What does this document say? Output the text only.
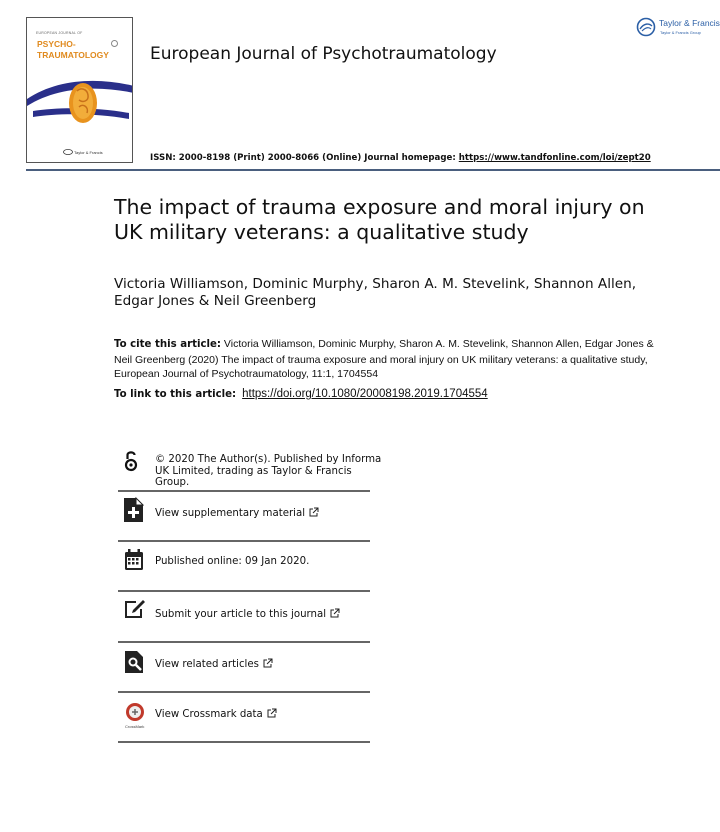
EUROPEAN JOURNAL OF
PSYCHO-
TRAUMATOLOGY
Taylor & Francis
European Journal of Psychotraumatology
Taylor & Francis
Taylor & Francis Group
ISSN: 2000-8198 (Print) 2000-8066 (Online) Journal homepage: https://www.tandfonline.com/loi/zept20
The impact of trauma exposure and moral injury on UK military veterans: a qualitative study
Victoria Williamson, Dominic Murphy, Sharon A. M. Stevelink, Shannon Allen, Edgar Jones & Neil Greenberg
To cite this article: Victoria Williamson, Dominic Murphy, Sharon A. M. Stevelink, Shannon Allen, Edgar Jones & Neil Greenberg (2020) The impact of trauma exposure and moral injury on UK military veterans: a qualitative study, European Journal of Psychotraumatology, 11:1, 1704554
To link to this article: https://doi.org/10.1080/20008198.2019.1704554
© 2020 The Author(s). Published by Informa
UK Limited, trading as Taylor & Francis
Group.
View supplementary material
Published online: 09 Jan 2020.
Submit your article to this journal
View related articles
CrossMark
View Crossmark data
